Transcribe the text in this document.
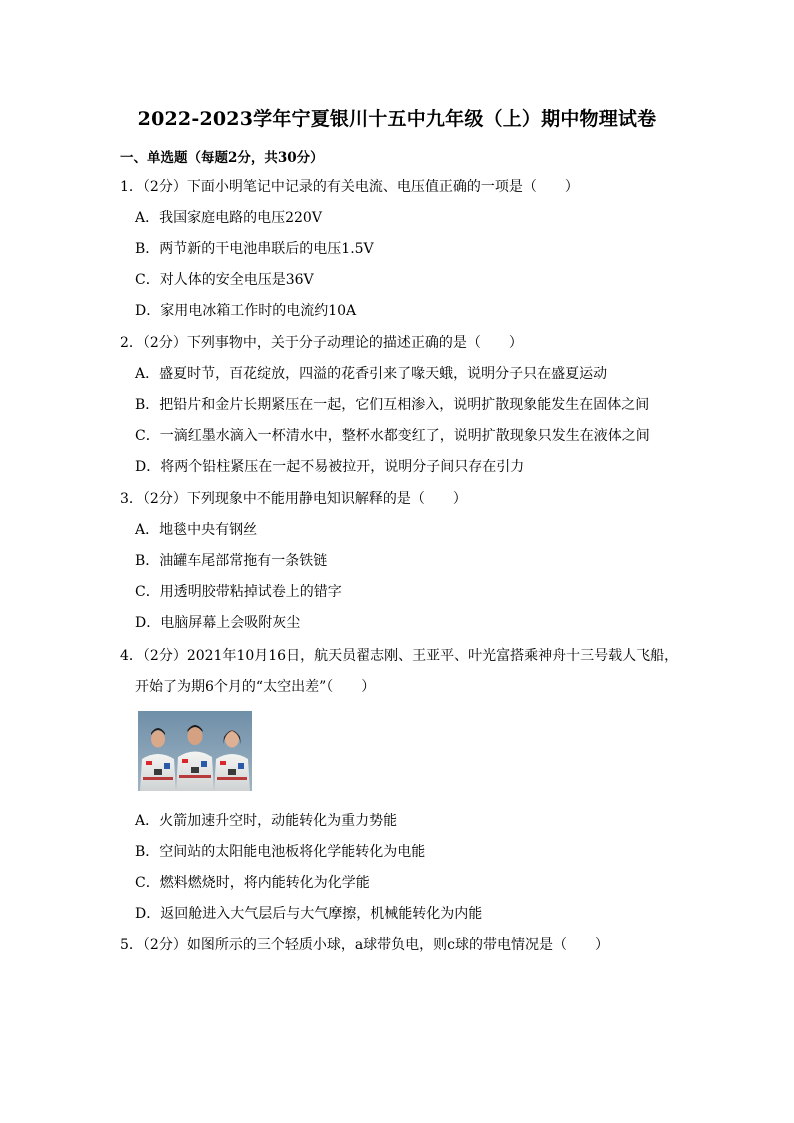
2022-2023学年宁夏银川十五中九年级（上）期中物理试卷
一、单选题（每题2分，共30分）
1．（2分）下面小明笔记中记录的有关电流、电压值正确的一项是（　　）
A．我国家庭电路的电压220V
B．两节新的干电池串联后的电压1.5V
C．对人体的安全电压是36V
D．家用电冰箱工作时的电流约10A
2．（2分）下列事物中，关于分子动理论的描述正确的是（　　）
A．盛夏时节，百花绽放，四溢的花香引来了喙天蛾，说明分子只在盛夏运动
B．把铅片和金片长期紧压在一起，它们互相渗入，说明扩散现象能发生在固体之间
C．一滴红墨水滴入一杯清水中，整杯水都变红了，说明扩散现象只发生在液体之间
D．将两个铅柱紧压在一起不易被拉开，说明分子间只存在引力
3．（2分）下列现象中不能用静电知识解释的是（　　）
A．地毯中央有钢丝
B．油罐车尾部常拖有一条铁链
C．用透明胶带粘掉试卷上的错字
D．电脑屏幕上会吸附灰尘
4．（2分）2021年10月16日，航天员翟志刚、王亚平、叶光富搭乘神舟十三号载人飞船，
开始了为期6个月的“太空出差”（　　）
A．火箭加速升空时，动能转化为重力势能
B．空间站的太阳能电池板将化学能转化为电能
C．燃料燃烧时，将内能转化为化学能
D．返回舱进入大气层后与大气摩擦，机械能转化为内能
5．（2分）如图所示的三个轻质小球，a球带负电，则c球的带电情况是（　　）
